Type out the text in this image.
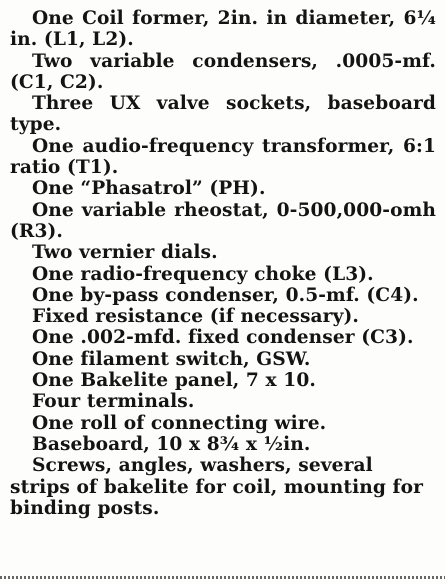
One Coil former, 2in. in diameter, 6¼ in. (L1, L2).

Two variable condensers, .0005-mf. (C1, C2).

Three UX valve sockets, baseboard type.

One audio-frequency transformer, 6:1 ratio (T1).

One “Phasatrol” (PH).

One variable rheostat, 0-500,000-omh (R3).

Two vernier dials.

One radio-frequency choke (L3).

One by-pass condenser, 0.5-mf. (C4).

Fixed resistance (if necessary).

One .002-mfd. fixed condenser (C3).

One filament switch, GSW.

One Bakelite panel, 7 x 10.

Four terminals.

One roll of connecting wire.

Baseboard, 10 x 8¾ x ½in.

Screws, angles, washers, several strips of bakelite for coil, mounting for binding posts.
